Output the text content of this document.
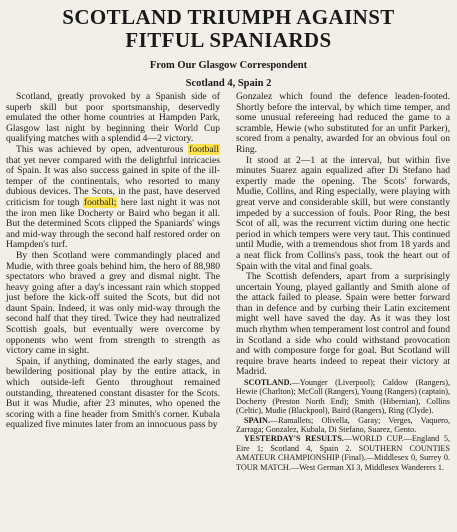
SCOTLAND TRIUMPH AGAINST
FITFUL SPANIARDS
From Our Glasgow Correspondent
Scotland 4, Spain 2

Scotland, greatly provoked by a Spanish side of superb skill but poor sportsmanship, deservedly emulated the other home countries at Hampden Park, Glasgow last night by beginning their World Cup qualifying matches with a splendid 4—2 victory.

This was achieved by open, adventurous football that yet never compared with the delightful intricacies of Spain. It was also success gained in spite of the ill-temper of the continentals, who resorted to many dubious devices. The Scots, in the past, have deserved criticism for tough football; here last night it was not the iron men like Docherty or Baird who began it all. But the determined Scots clipped the Spaniards' wings and mid-way through the second half restored order on Hampden's turf.

By then Scotland were commandingly placed and Mudie, with three goals behind him, the hero of 88,980 spectators who braved a grey and dismal night. The heavy going after a day's incessant rain which stopped just before the kick-off suited the Scots, but did not daunt Spain. Indeed, it was only mid-way through the second half that they tired. Twice they had neutralized Scottish goals, but eventually were overcome by opponents who went from strength to strength as victory came in sight.

Spain, if anything, dominated the early stages, and bewildering positional play by the entire attack, in which outside-left Gento throughout remained outstanding, threatened constant disaster for the Scots. But it was Mudie, after 23 minutes, who opened the scoring with a fine header from Smith's corner. Kubala equalized five minutes later from an innocuous pass by

Gonzalez which found the defence leaden-footed. Shortly before the interval, by which time temper, and some unusual refereeing had reduced the game to a scramble, Hewie (who substituted for an unfit Parker), scored from a penalty, awarded for an obvious foul on Ring.

It stood at 2—1 at the interval, but within five minutes Suarez again equalized after Di Stefano had expertly made the opening. The Scots' forwards, Mudie, Collins, and Ring especially, were playing with great verve and considerable skill, but were constantly impeded by a succession of fouls. Poor Ring, the best Scot of all, was the recurrent victim during one hectic period in which tempers were very taut. This continued until Mudie, with a tremendous shot from 18 yards and a neat flick from Collins's pass, took the heart out of Spain with the vital and final goals.

The Scottish defenders, apart from a surprisingly uncertain Young, played gallantly and Smith alone of the attack failed to please. Spain were better forward than in defence and by curbing their Latin excitement might well have saved the day. As it was they lost much rhythm when temperament lost control and found in Scotland a side who could withstand provocation and with composure forge for goal. But Scotland will require brave hearts indeed to repeat their victory at Madrid.

SCOTLAND.—Younger (Liverpool); Caldow (Rangers), Hewie (Charlton); McColl (Rangers), Young (Rangers) (captain), Docherty (Preston North End); Smith (Hibernian), Collins (Celtic), Mudie (Blackpool), Baird (Rangers), Ring (Clyde).

SPAIN.—Ramallets; Olivella, Garay; Verges, Vaquero, Zarraga; Gonzalez, Kubala, Di Stefano, Suarez, Gento.

YESTERDAY'S RESULTS.—WORLD CUP.—England 5, Eire 1; Scotland 4, Spain 2. SOUTHERN COUNTIES AMATEUR CHAMPIONSHIP (Final).—Middlesex 0, Surrey 0. TOUR MATCH.—West German XI 3, Middlesex Wanderers 1.
